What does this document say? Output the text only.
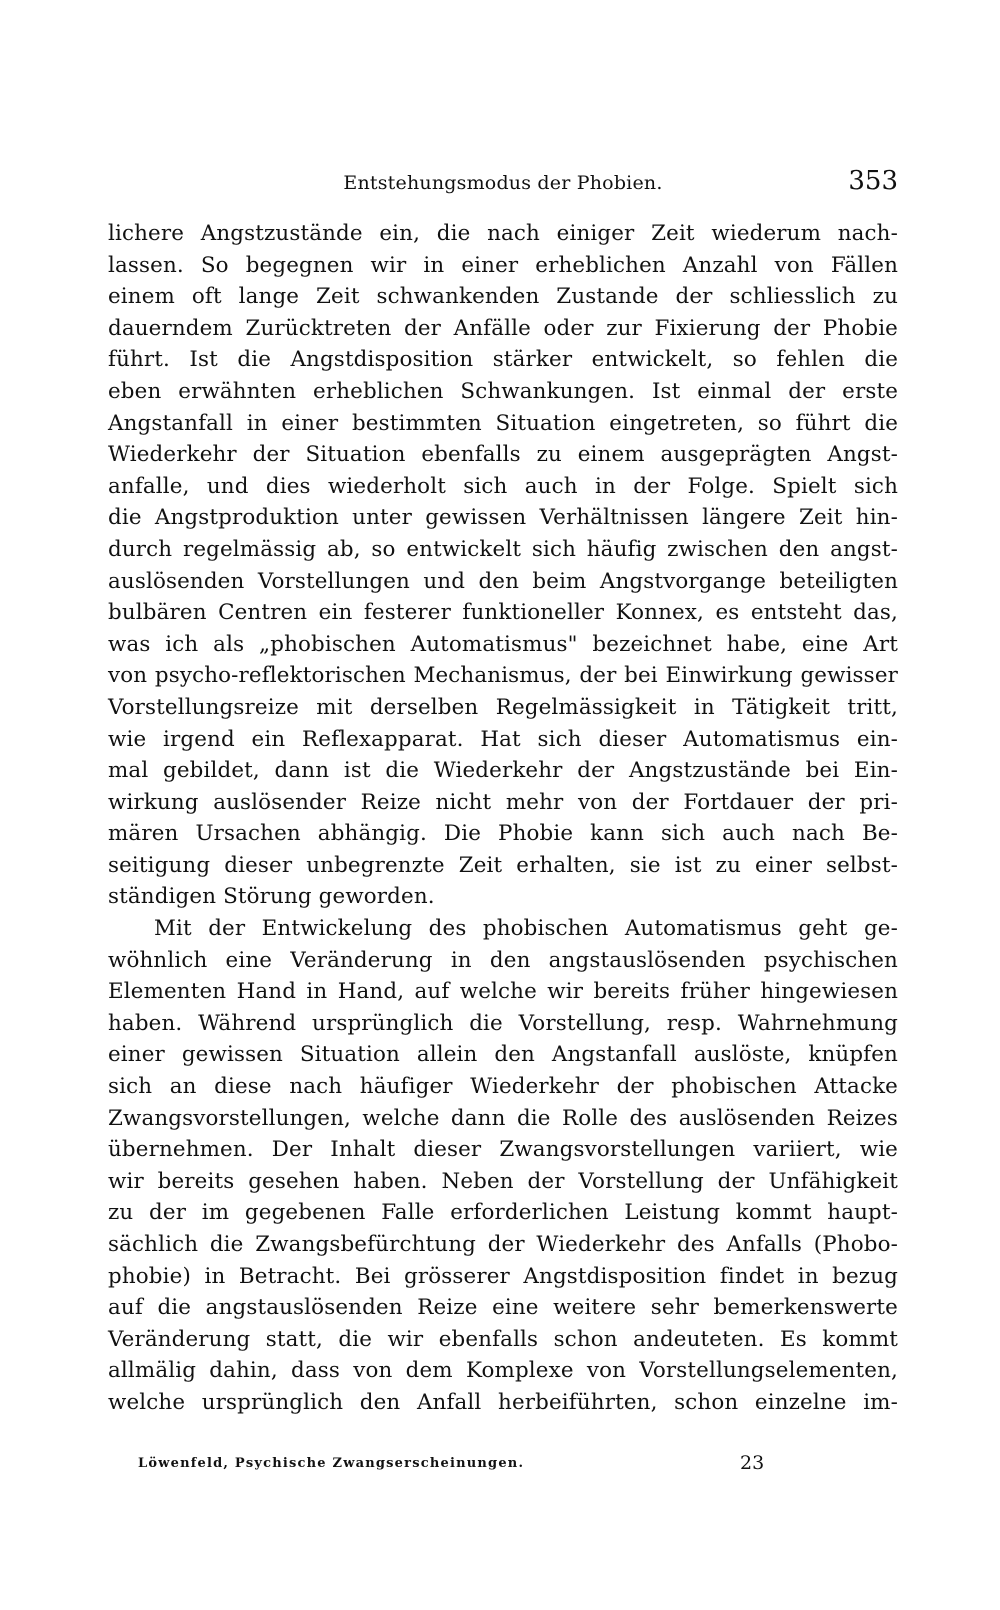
Entstehungsmodus der Phobien.	353
lichere Angstzustände ein, die nach einiger Zeit wiederum nach-
lassen. So begegnen wir in einer erheblichen Anzahl von Fällen
einem oft lange Zeit schwankenden Zustande der schliesslich zu
dauerndem Zurücktreten der Anfälle oder zur Fixierung der Phobie
führt. Ist die Angstdisposition stärker entwickelt, so fehlen die
eben erwähnten erheblichen Schwankungen. Ist einmal der erste
Angstanfall in einer bestimmten Situation eingetreten, so führt die
Wiederkehr der Situation ebenfalls zu einem ausgeprägten Angst-
anfalle, und dies wiederholt sich auch in der Folge. Spielt sich
die Angstproduktion unter gewissen Verhältnissen längere Zeit hin-
durch regelmässig ab, so entwickelt sich häufig zwischen den angst-
auslösenden Vorstellungen und den beim Angstvorgange beteiligten
bulbären Centren ein festerer funktioneller Konnex, es entsteht das,
was ich als „phobischen Automatismus" bezeichnet habe, eine Art
von psycho-reflektorischen Mechanismus, der bei Einwirkung gewisser
Vorstellungsreize mit derselben Regelmässigkeit in Tätigkeit tritt,
wie irgend ein Reflexapparat. Hat sich dieser Automatismus ein-
mal gebildet, dann ist die Wiederkehr der Angstzustände bei Ein-
wirkung auslösender Reize nicht mehr von der Fortdauer der pri-
mären Ursachen abhängig. Die Phobie kann sich auch nach Be-
seitigung dieser unbegrenzte Zeit erhalten, sie ist zu einer selbst-
ständigen Störung geworden.
Mit der Entwickelung des phobischen Automatismus geht ge-
wöhnlich eine Veränderung in den angstauslösenden psychischen
Elementen Hand in Hand, auf welche wir bereits früher hingewiesen
haben. Während ursprünglich die Vorstellung, resp. Wahrnehmung
einer gewissen Situation allein den Angstanfall auslöste, knüpfen
sich an diese nach häufiger Wiederkehr der phobischen Attacke
Zwangsvorstellungen, welche dann die Rolle des auslösenden Reizes
übernehmen. Der Inhalt dieser Zwangsvorstellungen variiert, wie
wir bereits gesehen haben. Neben der Vorstellung der Unfähigkeit
zu der im gegebenen Falle erforderlichen Leistung kommt haupt-
sächlich die Zwangsbefürchtung der Wiederkehr des Anfalls (Phobo-
phobie) in Betracht. Bei grösserer Angstdisposition findet in bezug
auf die angstauslösenden Reize eine weitere sehr bemerkenswerte
Veränderung statt, die wir ebenfalls schon andeuteten. Es kommt
allmälig dahin, dass von dem Komplexe von Vorstellungselementen,
welche ursprünglich den Anfall herbeiführten, schon einzelne im-
Löwenfeld, Psychische Zwangserscheinungen.	23
